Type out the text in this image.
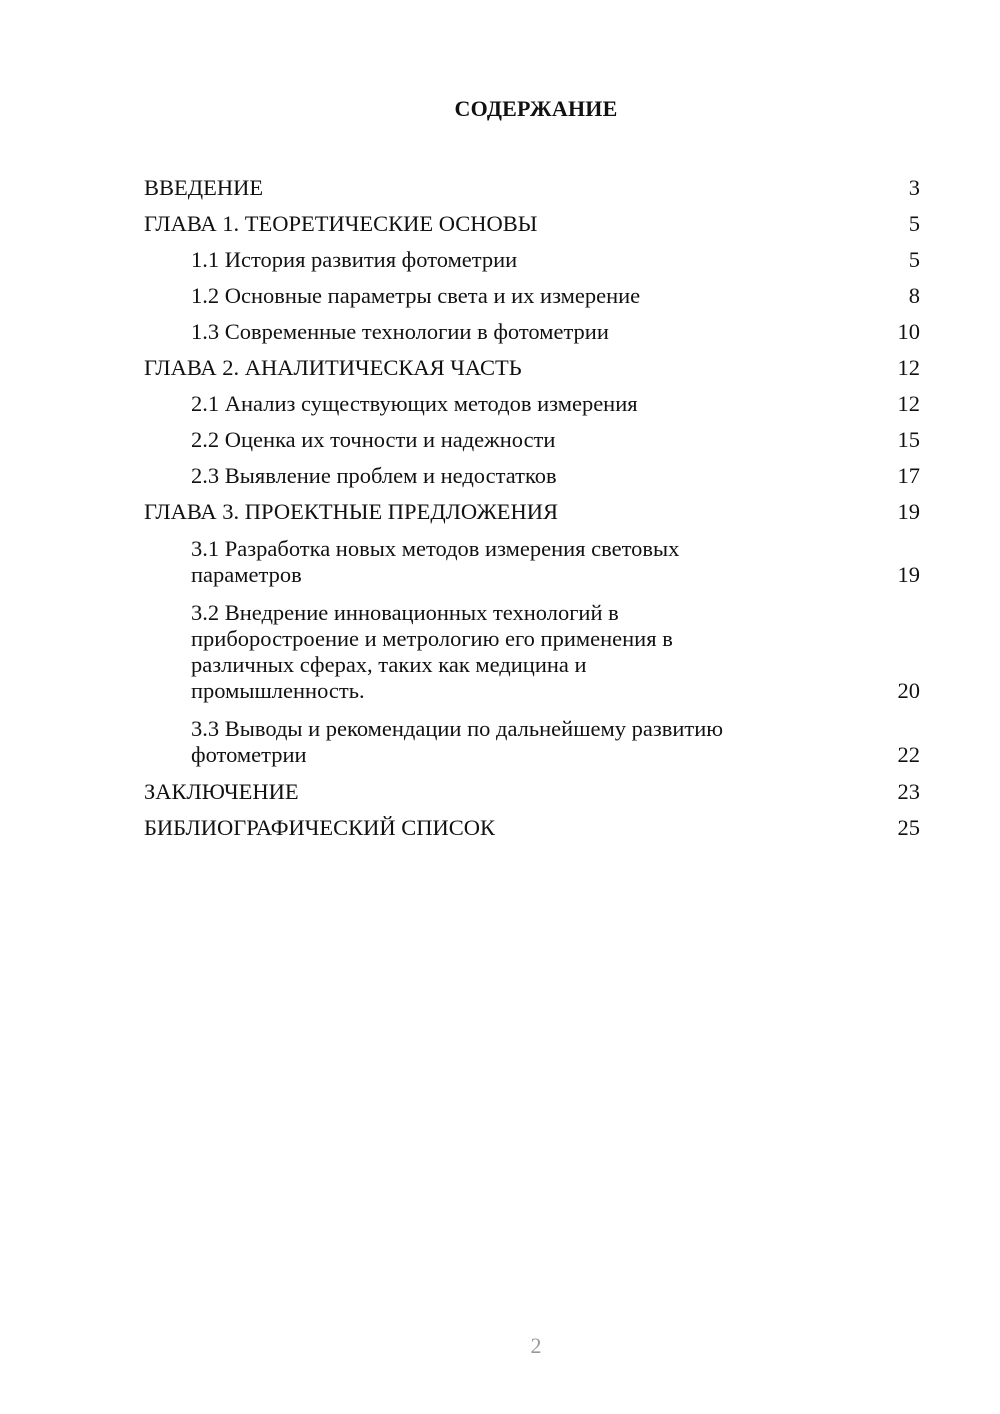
СОДЕРЖАНИЕ
ВВЕДЕНИЕ	3
ГЛАВА 1. ТЕОРЕТИЧЕСКИЕ ОСНОВЫ	5
1.1 История развития фотометрии	5
1.2 Основные параметры света и их измерение	8
1.3 Современные технологии в фотометрии	10
ГЛАВА 2. АНАЛИТИЧЕСКАЯ ЧАСТЬ	12
2.1 Анализ существующих методов измерения	12
2.2 Оценка их точности и надежности	15
2.3 Выявление проблем и недостатков	17
ГЛАВА 3. ПРОЕКТНЫЕ ПРЕДЛОЖЕНИЯ	19
3.1 Разработка новых методов измерения световых
параметров	19
3.2 Внедрение инновационных технологий в
приборостроение и метрологию его применения в
различных сферах, таких как медицина и
промышленность.	20
3.3 Выводы и рекомендации по дальнейшему развитию
фотометрии	22
ЗАКЛЮЧЕНИЕ	23
БИБЛИОГРАФИЧЕСКИЙ СПИСОК	25
2
